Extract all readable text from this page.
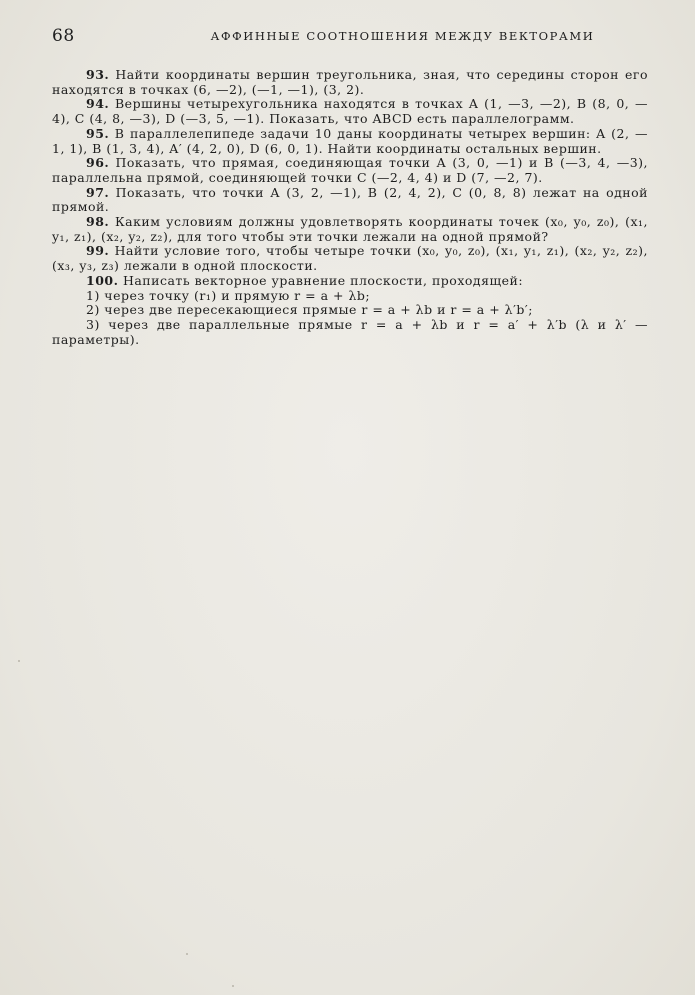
68	АФФИННЫЕ СООТНОШЕНИЯ МЕЖДУ ВЕКТОРАМИ

93. Найти координаты вершин треугольника, зная, что середины сторон его находятся в точках (6, —2), (—1, —1), (3, 2).

94. Вершины четырехугольника находятся в точках A (1, —3, —2), B (8, 0, —4), C (4, 8, —3), D (—3, 5, —1). Показать, что ABCD есть параллелограмм.

95. В параллелепипеде задачи 10 даны координаты четырех вершин: A (2, —1, 1), B (1, 3, 4), A′ (4, 2, 0), D (6, 0, 1). Найти координаты остальных вершин.

96. Показать, что прямая, соединяющая точки A (3, 0, —1) и B (—3, 4, —3), параллельна прямой, соединяющей точки C (—2, 4, 4) и D (7, —2, 7).

97. Показать, что точки A (3, 2, —1), B (2, 4, 2), C (0, 8, 8) лежат на одной прямой.

98. Каким условиям должны удовлетворять координаты точек (x₀, y₀, z₀), (x₁, y₁, z₁), (x₂, y₂, z₂), для того чтобы эти точки лежали на одной прямой?

99. Найти условие того, чтобы четыре точки (x₀, y₀, z₀), (x₁, y₁, z₁), (x₂, y₂, z₂), (x₃, y₃, z₃) лежали в одной плоскости.

100. Написать векторное уравнение плоскости, проходящей:

1) через точку (r₁) и прямую r = a + λb;

2) через две пересекающиеся прямые r = a + λb и r = a + λ′b′;

3) через две параллельные прямые r = a + λb и r = a′ + λ′b (λ и λ′ — параметры).
